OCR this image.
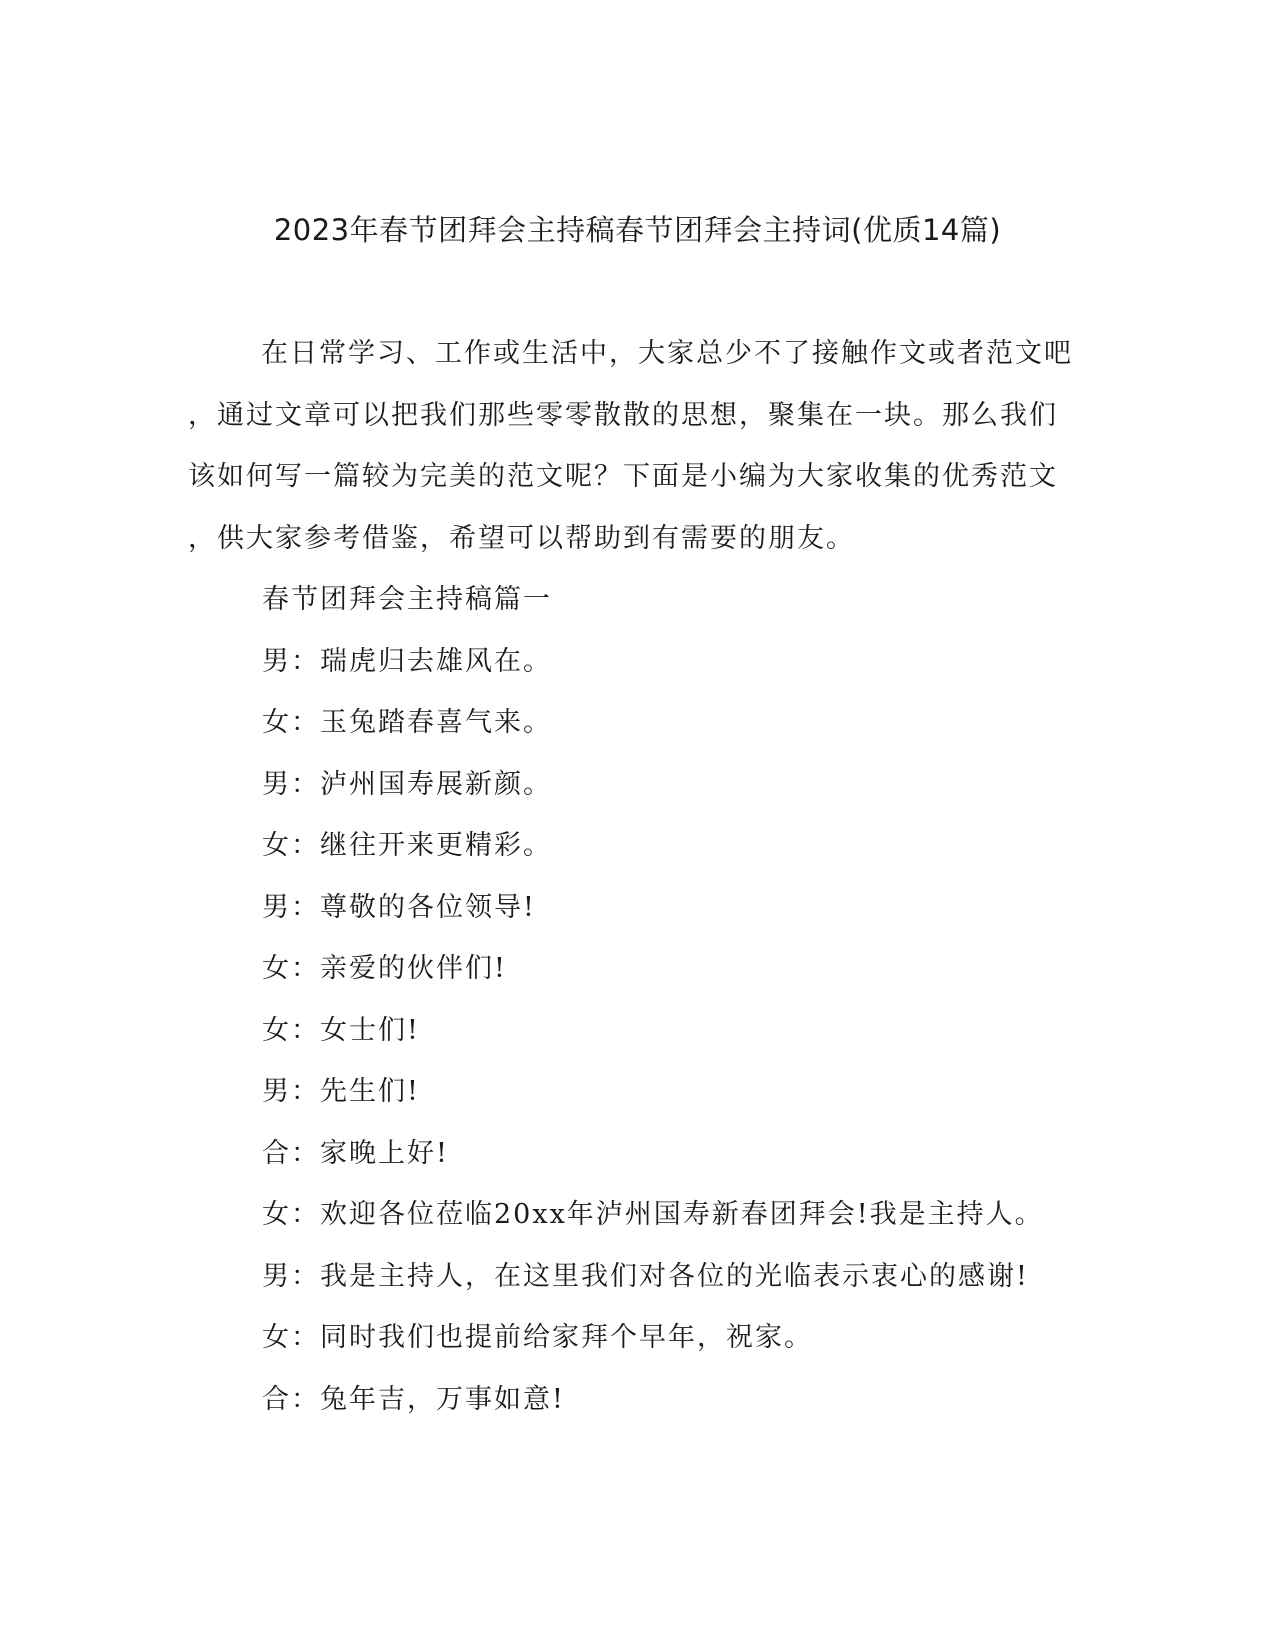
2023年春节团拜会主持稿春节团拜会主持词(优质14篇)
在日常学习、工作或生活中，大家总少不了接触作文或者范文吧
，通过文章可以把我们那些零零散散的思想，聚集在一块。那么我们
该如何写一篇较为完美的范文呢？下面是小编为大家收集的优秀范文
，供大家参考借鉴，希望可以帮助到有需要的朋友。
春节团拜会主持稿篇一
男：瑞虎归去雄风在。
女：玉兔踏春喜气来。
男：泸州国寿展新颜。
女：继往开来更精彩。
男：尊敬的各位领导!
女：亲爱的伙伴们!
女：女士们!
男：先生们!
合：家晚上好!
女：欢迎各位莅临20xx年泸州国寿新春团拜会!我是主持人。
男：我是主持人，在这里我们对各位的光临表示衷心的感谢!
女：同时我们也提前给家拜个早年，祝家。
合：兔年吉，万事如意!
